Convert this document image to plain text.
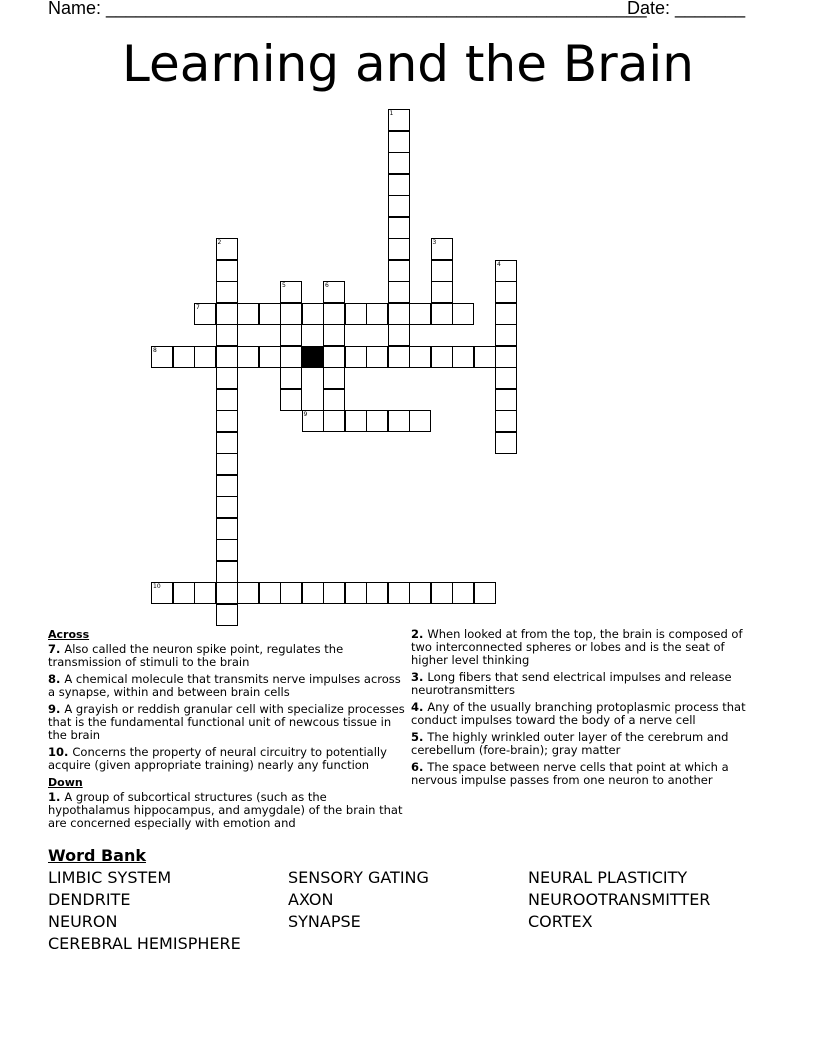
Name: ______________________________________________________
Date: _______
Learning and the Brain
1
2	3
4
5	6
7
8
9
10
Across
7. Also called the neuron spike point, regulates the transmission of stimuli to the brain
8. A chemical molecule that transmits nerve impulses across a synapse, within and between brain cells
9. A grayish or reddish granular cell with specialize processes that is the fundamental functional unit of newcous tissue in the brain
10. Concerns the property of neural circuitry to potentially acquire (given appropriate training) nearly any function
Down
1. A group of subcortical structures (such as the hypothalamus hippocampus, and amygdale) of the brain that are concerned especially with emotion and
2. When looked at from the top, the brain is composed of two interconnected spheres or lobes and is the seat of higher level thinking
3. Long fibers that send electrical impulses and release neurotransmitters
4. Any of the usually branching protoplasmic process that conduct impulses toward the body of a nerve cell
5. The highly wrinkled outer layer of the cerebrum and cerebellum (fore-brain); gray matter
6. The space between nerve cells that point at which a nervous impulse passes from one neuron to another
Word Bank
LIMBIC SYSTEM
DENDRITE
NEURON
CEREBRAL HEMISPHERE
SENSORY GATING
AXON
SYNAPSE
NEURAL PLASTICITY
NEUROOTRANSMITTER
CORTEX
